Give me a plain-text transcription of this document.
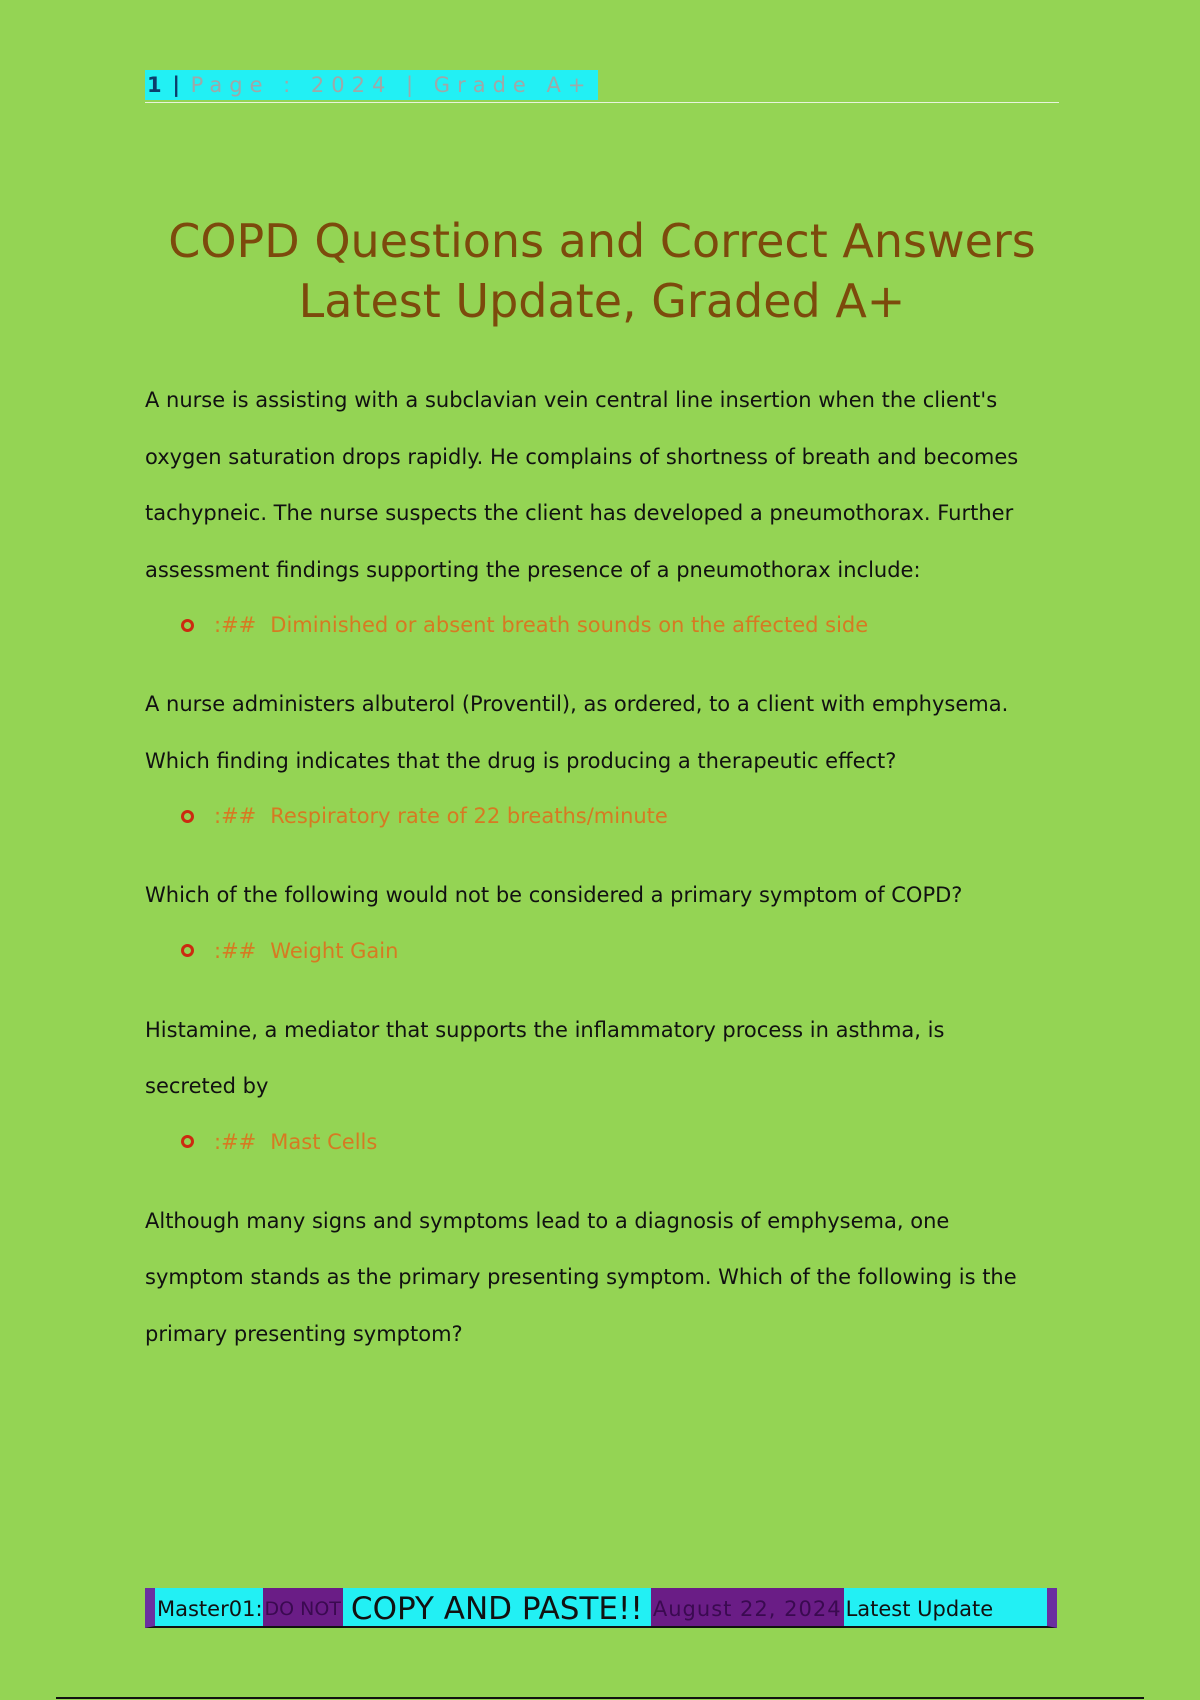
1 | Page : 2024 | Grade A+
COPD Questions and Correct Answers Latest Update, Graded A+

A nurse is assisting with a subclavian vein central line insertion when the client's oxygen saturation drops rapidly. He complains of shortness of breath and becomes tachypneic. The nurse suspects the client has developed a pneumothorax. Further assessment findings supporting the presence of a pneumothorax include:

:## Diminished or absent breath sounds on the affected side

A nurse administers albuterol (Proventil), as ordered, to a client with emphysema. Which finding indicates that the drug is producing a therapeutic effect?

:## Respiratory rate of 22 breaths/minute

Which of the following would not be considered a primary symptom of COPD?

:## Weight Gain

Histamine, a mediator that supports the inflammatory process in asthma, is secreted by

:## Mast Cells

Although many signs and symptoms lead to a diagnosis of emphysema, one symptom stands as the primary presenting symptom. Which of the following is the primary presenting symptom?

Master01: DO NOT COPY AND PASTE!! August 22, 2024 Latest Update
